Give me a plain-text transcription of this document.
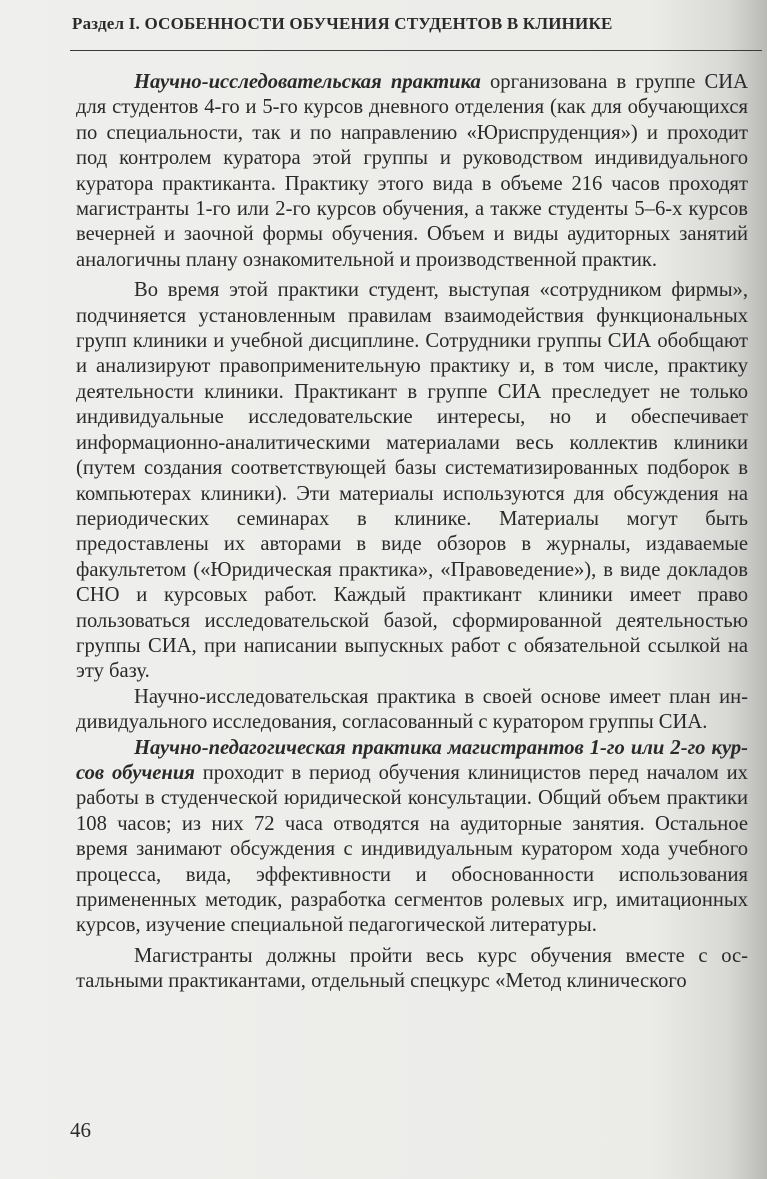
Раздел I. ОСОБЕННОСТИ ОБУЧЕНИЯ СТУДЕНТОВ В КЛИНИКЕ

Научно-исследовательская практика организована в группе СИА для студентов 4-го и 5-го курсов дневного отделения (как для обучающихся по специальности, так и по направлению «Юриспруденция») и проходит под контролем куратора этой группы и руководством индивидуального куратора практиканта. Практику этого вида в объеме 216 часов проходят магистранты 1-го или 2-го курсов обучения, а также студенты 5–6-х курсов вечерней и заочной формы обучения. Объем и виды аудиторных занятий аналогичны плану ознакомительной и производственной практик.

Во время этой практики студент, выступая «сотрудником фирмы», подчиняется установленным правилам взаимодействия функциональных групп клиники и учебной дисциплине. Сотрудники группы СИА обобщают и анализируют правоприменительную практику и, в том числе, практику деятельности клиники. Практикант в группе СИА преследует не только индивидуальные исследовательские интересы, но и обеспечивает информационно-аналитическими материалами весь коллектив клиники (путем создания соответствующей базы систематизированных подборок в компьютерах клиники). Эти материалы используются для обсуждения на периодических семинарах в клинике. Материалы могут быть предоставлены их авторами в виде обзоров в журналы, издаваемые факультетом («Юридическая практика», «Правоведение»), в виде докладов СНО и курсовых работ. Каждый практикант клиники имеет право пользоваться исследовательской базой, сформированной деятельностью группы СИА, при написании выпускных работ с обязательной ссылкой на эту базу.

Научно-исследовательская практика в своей основе имеет план индивидуального исследования, согласованный с куратором группы СИА.

Научно-педагогическая практика магистрантов 1-го или 2-го курсов обучения проходит в период обучения клиницистов перед началом их работы в студенческой юридической консультации. Общий объем практики 108 часов; из них 72 часа отводятся на аудиторные занятия. Остальное время занимают обсуждения с индивидуальным куратором хода учебного процесса, вида, эффективности и обоснованности использования примененных методик, разработка сегментов ролевых игр, имитационных курсов, изучение специальной педагогической литературы.

Магистранты должны пройти весь курс обучения вместе с остальными практикантами, отдельный спецкурс «Метод клинического

46
